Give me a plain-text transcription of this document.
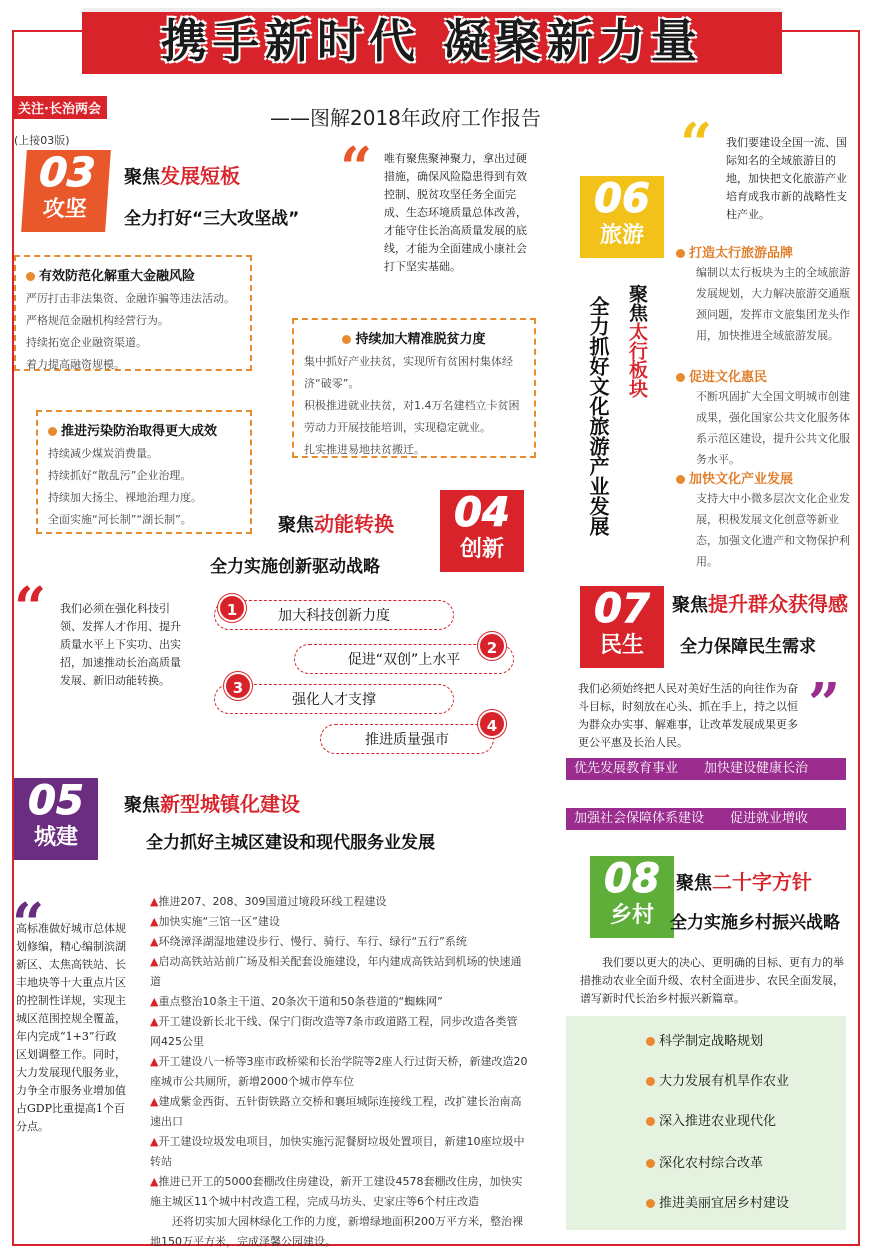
携手新时代 凝聚新力量
关注·长治两会	——图解2018年政府工作报告
(上接03版)
03
攻坚
聚焦发展短板
全力打好“三大攻坚战”
“ 唯有聚焦聚神聚力，拿出过硬措施，确保风险隐患得到有效控制、脱贫攻坚任务全面完成、生态环境质量总体改善，才能守住长治高质量发展的底线，才能为全面建成小康社会打下坚实基础。
有效防范化解重大金融风险

严厉打击非法集资、金融诈骗等违法活动。

严格规范金融机构经营行为。

持续拓宽企业融资渠道。

着力提高融资规模。

持续加大精准脱贫力度

集中抓好产业扶贫，实现所有贫困村集体经济“破零”。

积极推进就业扶贫，对1.4万名建档立卡贫困劳动力开展技能培训，实现稳定就业。

扎实推进易地扶贫搬迁。

推进污染防治取得更大成效

持续减少煤炭消费量。

持续抓好“散乱污”企业治理。

持续加大扬尘、裸地治理力度。

全面实施“河长制”“湖长制”。	聚焦动能转换	04
创新
全力实施创新驱动战略
“ 我们必须在强化科技引领、发挥人才作用、提升质量水平上下实功、出实招，加速推动长治高质量发展、新旧动能转换。
加大科技创新力度
1
促进“双创”上水平
2
强化人才支撑
3
推进质量强市
4
05
城建
聚焦新型城镇化建设
全力抓好主城区建设和现代服务业发展
“
高标准做好城市总体规划修编，精心编制滨湖新区、太焦高铁站、长丰地块等十大重点片区的控制性详规，实现主城区范围控规全覆盖，年内完成“1+3”行政区划调整工作。同时，大力发展现代服务业，力争全市服务业增加值占GDP比重提高1个百分点。
▲推进207、208、309国道过境段环线工程建设
▲加快实施“三馆一区”建设
▲环绕漳泽湖湿地建设步行、慢行、骑行、车行、绿行“五行”系统
▲启动高铁站站前广场及相关配套设施建设，年内建成高铁站到机场的快速通道
▲重点整治10条主干道、20条次干道和50条巷道的“蜘蛛网”
▲开工建设新长北干线、保宁门街改造等7条市政道路工程，同步改造各类管网425公里
▲开工建设八一桥等3座市政桥梁和长治学院等2座人行过街天桥，新建改造20座城市公共厕所，新增2000个城市停车位
▲建成紫金西街、五针街铁路立交桥和襄垣城际连接线工程，改扩建长治南高速出口
▲开工建设垃圾发电项目，加快实施污泥餐厨垃圾处置项目，新建10座垃圾中转站
▲推进已开工的5000套棚改住房建设，新开工建设4578套棚改住房，加快实施主城区11个城中村改造工程，完成马坊头、史家庄等6个村庄改造
还将切实加大园林绿化工作的力度，新增绿地面积200万平方米，整治裸地150万平方米，完成泽馨公园建设。
“ 我们要建设全国一流、国际知名的全域旅游目的地，加快把文化旅游产业培育成我市新的战略性支柱产业。
06
旅游
聚焦太行板块
全力抓好文化旅游产业发展
打造太行旅游品牌
编制以太行板块为主的全域旅游发展规划，大力解决旅游交通瓶颈问题，发挥市文旅集团龙头作用，加快推进全域旅游发展。
促进文化惠民
不断巩固扩大全国文明城市创建成果，强化国家公共文化服务体系示范区建设，提升公共文化服务水平。
加快文化产业发展
支持大中小微多层次文化企业发展，积极发展文化创意等新业态，加强文化遗产和文物保护利用。
07
民生
聚焦提升群众获得感
全力保障民生需求
我们必须始终把人民对美好生活的向往作为奋斗目标，时刻放在心头、抓在手上，持之以恒为群众办实事、解难事，让改革发展成果更多更公平惠及长治人民。
”
优先发展教育事业　　 加快建设健康长治
加强社会保障体系建设　　 促进就业增收
08
乡村
聚焦二十字方针
全力实施乡村振兴战略
我们要以更大的决心、更明确的目标、更有力的举措推动农业全面升级、农村全面进步、农民全面发展，谱写新时代长治乡村振兴新篇章。
科学制定战略规划
大力发展有机旱作农业
深入推进农业现代化
深化农村综合改革
推进美丽宜居乡村建设
